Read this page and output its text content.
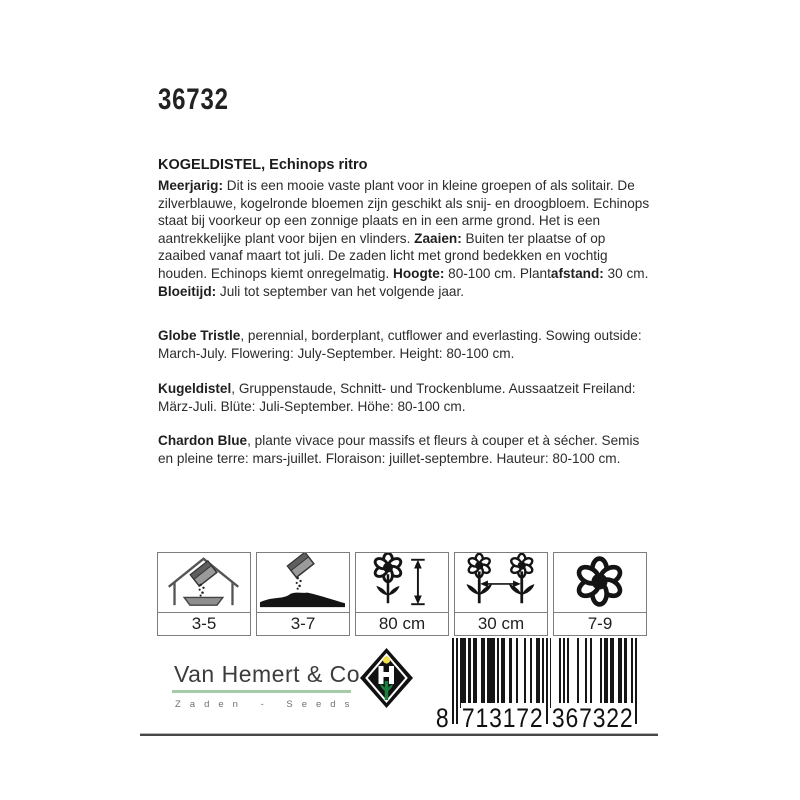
36732
KOGELDISTEL, Echinops ritro
Meerjarig: Dit is een mooie vaste plant voor in kleine groepen of als solitair. De zilverblauwe, kogelronde bloemen zijn geschikt als snij- en droogbloem. Echinops staat bij voorkeur op een zonnige plaats en in een arme grond. Het is een aantrekkelijke plant voor bijen en vlinders. Zaaien: Buiten ter plaatse of op zaaibed vanaf maart tot juli. De zaden licht met grond bedekken en vochtig houden. Echinops kiemt onregelmatig. Hoogte: 80-100 cm. Plantafstand: 30 cm. Bloeitijd: Juli tot september van het volgende jaar.
Globe Tristle, perennial, borderplant, cutflower and everlasting. Sowing outside: March-July. Flowering: July-September. Height: 80-100 cm.
Kugeldistel, Gruppenstaude, Schnitt- und Trockenblume. Aussaatzeit Freiland: März-Juli. Blüte: Juli-September. Höhe: 80-100 cm.
Chardon Blue, plante vivace pour massifs et fleurs à couper et à sécher. Semis en pleine terre: mars-juillet. Floraison: juillet-septembre. Hauteur: 80-100 cm.
3-5	3-7	80 cm	30 cm	7-9
Van Hemert & Co
Zaden - Seeds	8 713172 367322
